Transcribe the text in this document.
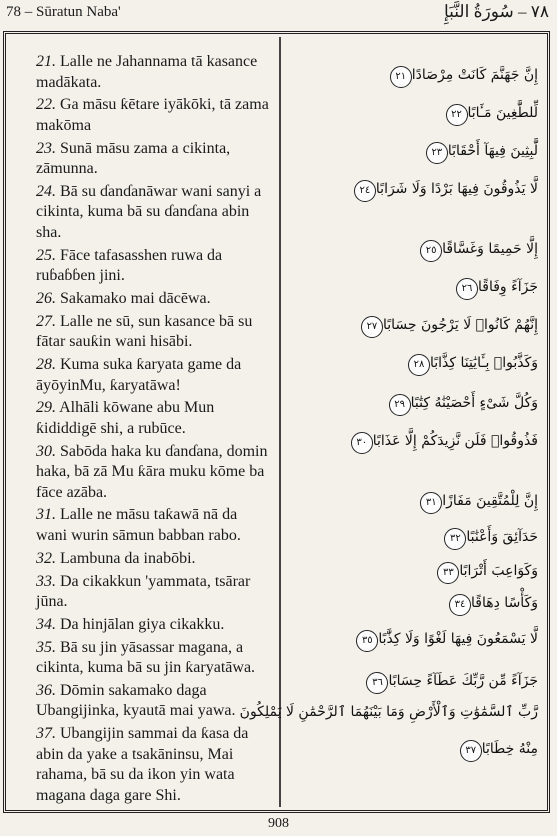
78 – Sūratun Naba'	٧٨ – سُورَةُ النَّبَإِ
21. Lalle ne Jahannama tā kasance madākata.
22. Ga māsu ƙētare iyākōki, tā zama makōma
23. Sunā māsu zama a cikinta, zāmunna.
24. Bā su ɗanɗanāwar wani sanyi a cikinta, kuma bā su ɗanɗana abin sha.
25. Fāce tafasasshen ruwa da ruɓaɓɓen jini.
26. Sakamako mai dācēwa.
27. Lalle ne sū, sun kasance bā su fātar sauƙin wani hisābi.
28. Kuma suka ƙaryata game da āyōyinMu, ƙaryatāwa!
29. Alhāli kōwane abu Mun ƙididdigē shi, a rubūce.
30. Sabōda haka ku ɗanɗana, domin haka, bā zā Mu ƙāra muku kōme ba fāce azāba.
31. Lalle ne māsu taƙawā nā da wani wurin sāmun babban rabo.
32. Lambuna da inabōbi.
33. Da cikakkun 'yammata, tsārar jūna.
34. Da hinjālan giya cikakku.
35. Bā su jin yāsassar magana, a cikinta, kuma bā su jin ƙaryatāwa.
36. Dōmin sakamako daga Ubangijinka, kyautā mai yawa.
37. Ubangijin sammai da ƙasa da abin da yake a tsakāninsu, Mai rahama, bā su da ikon yin wata magana daga gare Shi.
إِنَّ جَهَنَّمَ كَانَتْ مِرْصَادًا٢١
لِّلطَّٰغِينَ مَـَٔابًا٢٢
لَّٰبِثِينَ فِيهَآ أَحْقَابًا٢٣
لَّا يَذُوقُونَ فِيهَا بَرْدًا وَلَا شَرَابًا٢٤
إِلَّا حَمِيمًا وَغَسَّاقًا٢٥
جَزَآءً وِفَاقًا٢٦
إِنَّهُمْ كَانُوا۟ لَا يَرْجُونَ حِسَابًا٢٧
وَكَذَّبُوا۟ بِـَٔايَٰتِنَا كِذَّابًا٢٨
وَكُلَّ شَىْءٍ أَحْصَيْنَٰهُ كِتَٰبًا٢٩
فَذُوقُوا۟ فَلَن نَّزِيدَكُمْ إِلَّا عَذَابًا٣٠
إِنَّ لِلْمُتَّقِينَ مَفَازًا٣١
حَدَآئِقَ وَأَعْنَٰبًا٣٢
وَكَوَاعِبَ أَتْرَابًا٣٣
وَكَأْسًا دِهَاقًا٣٤
لَّا يَسْمَعُونَ فِيهَا لَغْوًا وَلَا كِذَّٰبًا٣٥
جَزَآءً مِّن رَّبِّكَ عَطَآءً حِسَابًا٣٦
رَّبِّ ٱلسَّمَٰوَٰتِ وَٱلْأَرْضِ وَمَا بَيْنَهُمَا ٱلرَّحْمَٰنِ لَا يَمْلِكُونَ
مِنْهُ خِطَابًا٣٧
908
